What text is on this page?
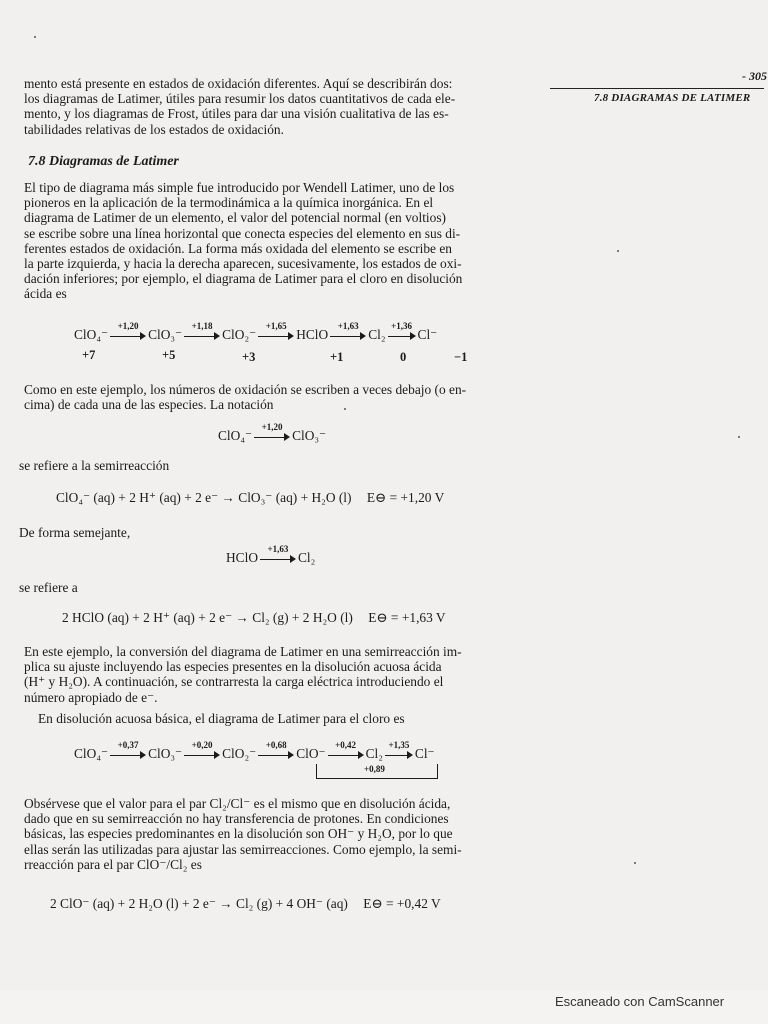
- 305
7.8 DIAGRAMAS DE LATIMER
mento está presente en estados de oxidación diferentes. Aquí se describirán dos:
los diagramas de Latimer, útiles para resumir los datos cuantitativos de cada ele-
mento, y los diagramas de Frost, útiles para dar una visión cualitativa de las es-
tabilidades relativas de los estados de oxidación.
7.8 Diagramas de Latimer
El tipo de diagrama más simple fue introducido por Wendell Latimer, uno de los
pioneros en la aplicación de la termodinámica a la química inorgánica. En el
diagrama de Latimer de un elemento, el valor del potencial normal (en voltios)
se escribe sobre una línea horizontal que conecta especies del elemento en sus di-
ferentes estados de oxidación. La forma más oxidada del elemento se escribe en
la parte izquierda, y hacia la derecha aparecen, sucesivamente, los estados de oxi-
dación inferiores; por ejemplo, el diagrama de Latimer para el cloro en disolución
ácida es
ClO₄⁻
+1,20
ClO₃⁻
+1,18
ClO₂⁻
+1,65
HClO
+1,63
Cl₂
+1,36
Cl⁻
+7	+5	+3	+1	0	−1
Como en este ejemplo, los números de oxidación se escriben a veces debajo (o en-
cima) de cada una de las especies. La notación
ClO₄⁻
+1,20
ClO₃⁻
se refiere a la semirreacción
ClO₄⁻ (aq) + 2 H⁺ (aq) + 2 e⁻ → ClO₃⁻ (aq) + H₂O (l) E⊖ = +1,20 V
De forma semejante,
HClO
+1,63
Cl₂
se refiere a
2 HClO (aq) + 2 H⁺ (aq) + 2 e⁻ → Cl₂ (g) + 2 H₂O (l) E⊖ = +1,63 V
En este ejemplo, la conversión del diagrama de Latimer en una semirreacción im-
plica su ajuste incluyendo las especies presentes en la disolución acuosa ácida
(H⁺ y H₂O). A continuación, se contrarresta la carga eléctrica introduciendo el
número apropiado de e⁻.
En disolución acuosa básica, el diagrama de Latimer para el cloro es
ClO₄⁻
+0,37
ClO₃⁻
+0,20
ClO₂⁻
+0,68
ClO⁻
+0,42
Cl₂
+1,35
Cl⁻
+0,89
Obsérvese que el valor para el par Cl₂/Cl⁻ es el mismo que en disolución ácida,
dado que en su semirreacción no hay transferencia de protones. En condiciones
básicas, las especies predominantes en la disolución son OH⁻ y H₂O, por lo que
ellas serán las utilizadas para ajustar las semirreacciones. Como ejemplo, la semi-
rreacción para el par ClO⁻/Cl₂ es
2 ClO⁻ (aq) + 2 H₂O (l) + 2 e⁻ → Cl₂ (g) + 4 OH⁻ (aq) E⊖ = +0,42 V
Escaneado con CamScanner
